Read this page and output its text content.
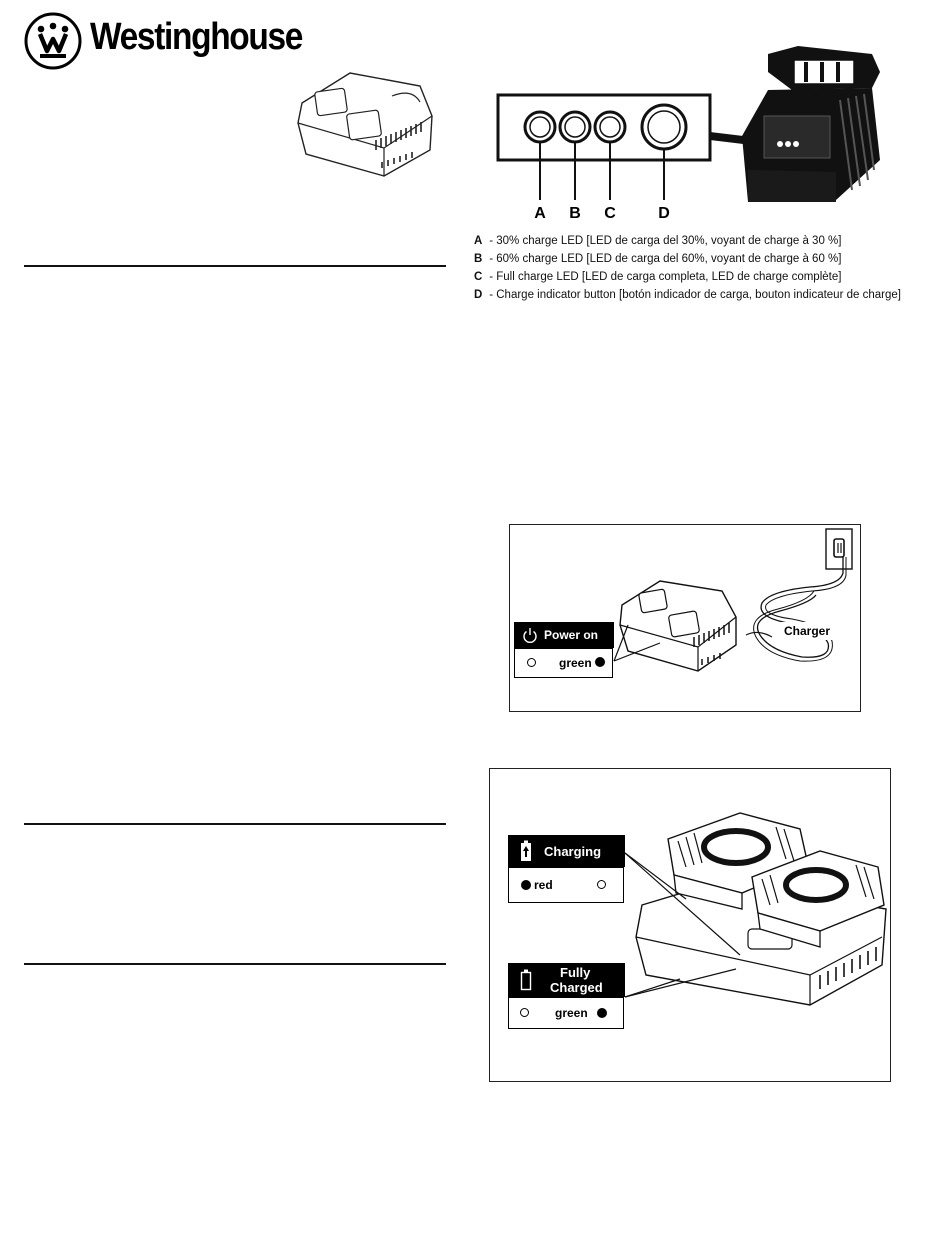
Westinghouse
A B C	D
A - 30% charge LED [LED de carga del 30%, voyant de charge à 30 %]
B - 60% charge LED [LED de carga del 60%, voyant de charge à 60 %]
C - Full charge LED [LED de carga completa, LED de charge complète]
D - Charge indicator button [botón indicador de carga, bouton indicateur de charge]
Charger
Power on
green
Charging
red
Fully
Charged
green
